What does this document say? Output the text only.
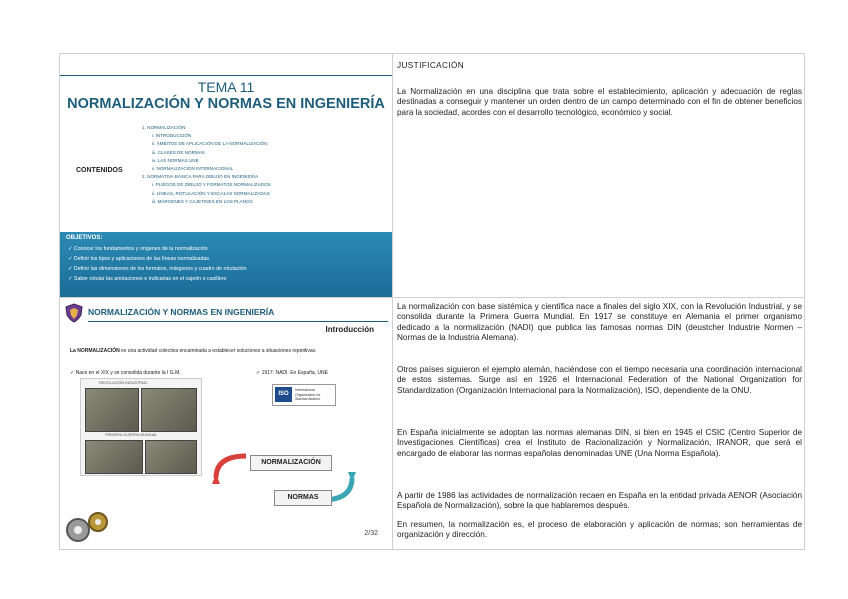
TEMA 11
NORMALIZACIÓN Y NORMAS EN INGENIERÍA
CONTENIDOS
1. NORMALIZACIÓN
i. INTRODUCCIÓN
ii. ÁMBITOS DE APLICACIÓN DE LA NORMALIZACIÓN
iii. CLASES DE NORMAS
iv. LAS NORMAS UNE
v. NORMALIZACIÓN INTERNACIONAL
2. NORMATIVA BÁSICA PARA DIBUJO EN INGENIERÍA
i. PLIEGOS DE DIBUJO Y FORMATOS NORMALIZADOS
ii. LÍNEAS, ROTULACIÓN Y ESCALAS NORMALIZADAS
iii. MÁRGENES Y CAJETINES EN LOS PLANOS
OBJETIVOS:
✓ Conocer los fundamentos y orígenes de la normalización
✓ Definir los tipos y aplicaciones de las líneas normalizadas
✓ Definir las dimensiones de los formatos, márgenes y cuadro de rotulación
✓ Saber rotular las anotaciones e indicarlas en el cajetín o casillero
NORMALIZACIÓN Y NORMAS EN INGENIERÍA
Introducción
La NORMALIZACIÓN es una actividad colectiva encaminada a establecer soluciones a situaciones repetitivas.
✓ Nace en el XIX y se consolida durante la I G.M.	✓ 1917: NADI. En España, UNE
REVOLUCIÓN INDUSTRIAL
PRIMERA GUERRA MUNDIAL
ISO
International
Organization for
Standardization
NORMALIZACIÓN
NORMAS
2/32
JUSTIFICACIÓN
La Normalización en una disciplina que trata sobre el establecimiento, aplicación y adecuación de reglas destinadas a conseguir y mantener un orden dentro de un campo determinado con el fin de obtener beneficios para la sociedad, acordes con el desarrollo tecnológico, económico y social.
La normalización con base sistémica y científica nace a finales del siglo XIX, con la Revolución Industrial, y se consolida durante la Primera Guerra Mundial. En 1917 se constituye en Alemania el primer organismo dedicado a la normalización (NADI) que publica las famosas normas DIN (deustcher Industrie Normen – Normas de la Industria Alemana).
Otros países siguieron el ejemplo alemán, haciéndose con el tiempo necesaria una coordinación internacional de estos sistemas. Surge así en 1926 el Internacional Federation of the National Organization for Standardization (Organización Internacional para la Normalización), ISO, dependiente de la ONU.
En España inicialmente se adoptan las normas alemanas DIN, si bien en 1945 el CSIC (Centro Superior de Investigaciones Científicas) crea el Instituto de Racionalización y Normalización, IRANOR, que será el encargado de elaborar las normas españolas denominadas UNE (Una Norma Española).
A partir de 1986 las actividades de normalización recaen en España en la entidad privada AENOR (Asociación Española de Normalización), sobre la que hablaremos después.
En resumen, la normalización es, el proceso de elaboración y aplicación de normas; son herramientas de organización y dirección.
